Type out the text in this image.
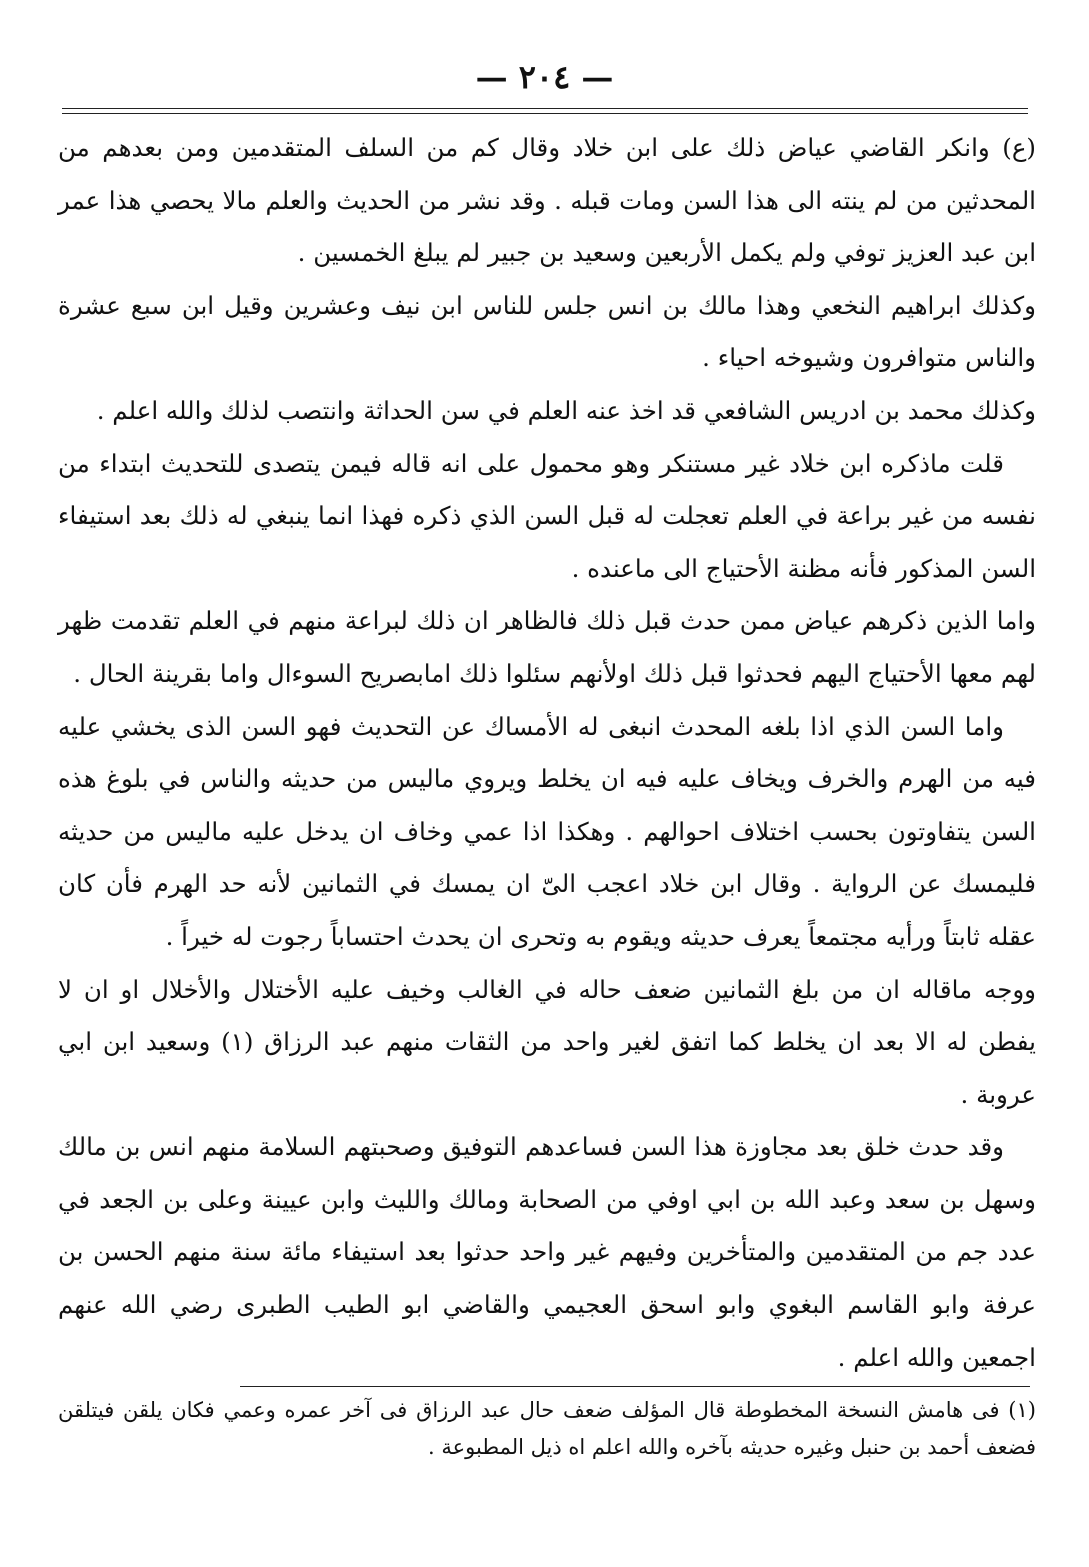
— ٢٠٤ —

(ع) وانكر القاضي عياض ذلك على ابن خلاد وقال كم من السلف المتقدمين ومن بعدهم من المحدثين من لم ينته الى هذا السن ومات قبله . وقد نشر من الحديث والعلم مالا يحصي هذا عمر ابن عبد العزيز توفي ولم يكمل الأربعين وسعيد بن جبير لم يبلغ الخمسين .

وكذلك ابراهيم النخعي وهذا مالك بن انس جلس للناس ابن نيف وعشرين وقيل ابن سبع عشرة والناس متوافرون وشيوخه احياء .

وكذلك محمد بن ادريس الشافعي قد اخذ عنه العلم في سن الحداثة وانتصب لذلك والله اعلم .

قلت ماذكره ابن خلاد غير مستنكر وهو محمول على انه قاله فيمن يتصدى للتحديث ابتداء من نفسه من غير براعة في العلم تعجلت له قبل السن الذي ذكره فهذا انما ينبغي له ذلك بعد استيفاء السن المذكور فأنه مظنة الأحتياج الى ماعنده .

واما الذين ذكرهم عياض ممن حدث قبل ذلك فالظاهر ان ذلك لبراعة منهم في العلم تقدمت ظهر لهم معها الأحتياج اليهم فحدثوا قبل ذلك اولأنهم سئلوا ذلك امابصريح السوءال واما بقرينة الحال .

واما السن الذي اذا بلغه المحدث انبغى له الأمساك عن التحديث فهو السن الذى يخشي عليه فيه من الهرم والخرف ويخاف عليه فيه ان يخلط ويروي ماليس من حديثه والناس في بلوغ هذه السن يتفاوتون بحسب اختلاف احوالهم . وهكذا اذا عمي وخاف ان يدخل عليه ماليس من حديثه فليمسك عن الرواية . وقال ابن خلاد اعجب الىّ ان يمسك في الثمانين لأنه حد الهرم فأن كان عقله ثابتاً ورأيه مجتمعاً يعرف حديثه ويقوم به وتحرى ان يحدث احتساباً رجوت له خيراً .

ووجه ماقاله ان من بلغ الثمانين ضعف حاله في الغالب وخيف عليه الأختلال والأخلال او ان لا يفطن له الا بعد ان يخلط كما اتفق لغير واحد من الثقات منهم عبد الرزاق (١) وسعيد ابن ابي عروبة .

وقد حدث خلق بعد مجاوزة هذا السن فساعدهم التوفيق وصحبتهم السلامة منهم انس بن مالك وسهل بن سعد وعبد الله بن ابي اوفي من الصحابة ومالك والليث وابن عيينة وعلى بن الجعد في عدد جم من المتقدمين والمتأخرين وفيهم غير واحد حدثوا بعد استيفاء مائة سنة منهم الحسن بن عرفة وابو القاسم البغوي وابو اسحق العجيمي والقاضي ابو الطيب الطبرى رضي الله عنهم اجمعين والله اعلم .

(١) فى هامش النسخة المخطوطة قال المؤلف ضعف حال عبد الرزاق فى آخر عمره وعمي فكان يلقن فيتلقن فضعف أحمد بن حنبل وغيره حديثه بآخره والله اعلم اه ذيل المطبوعة .
